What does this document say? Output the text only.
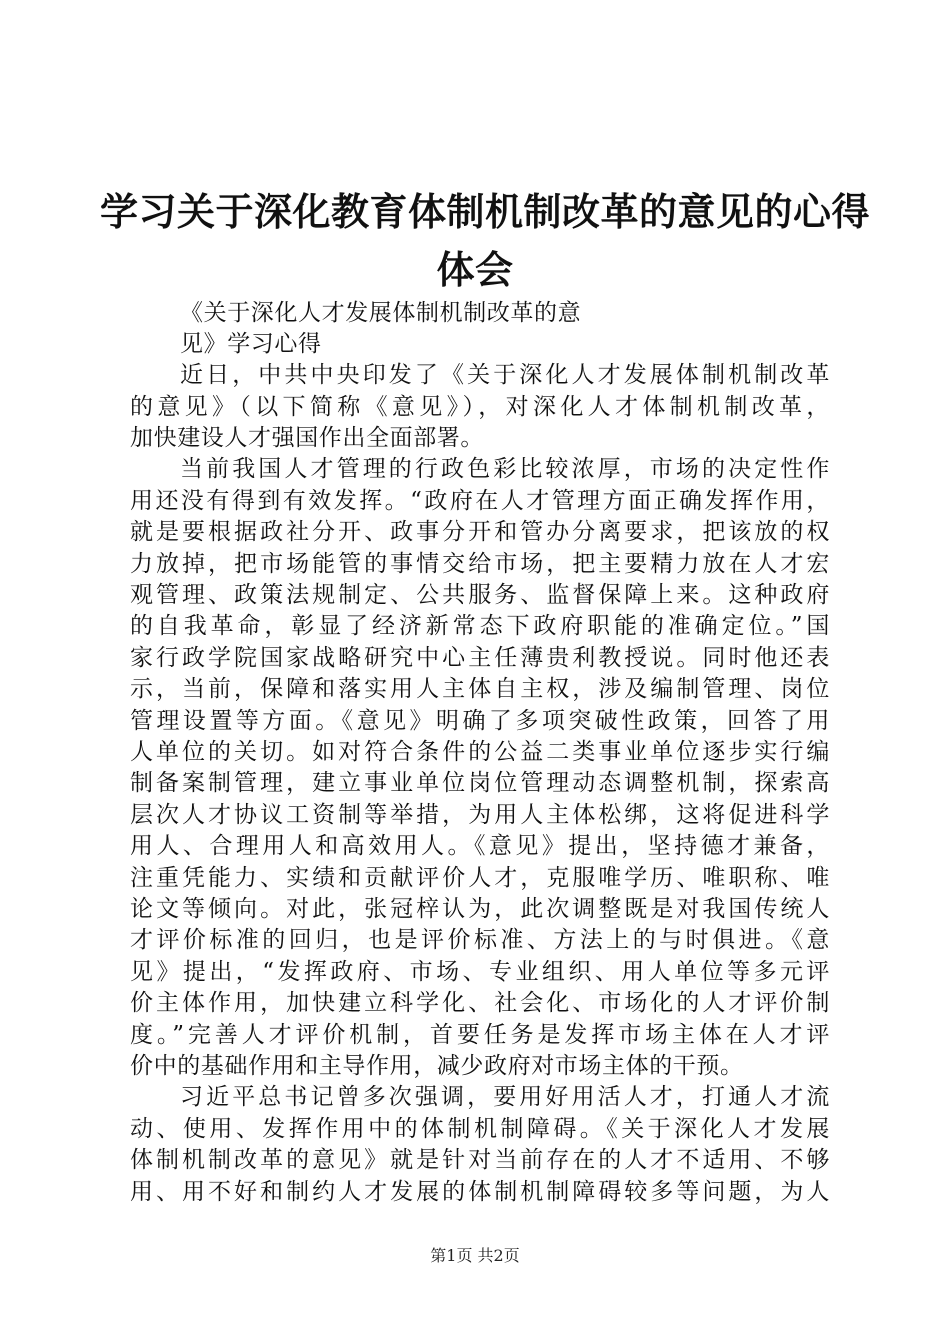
学习关于深化教育体制机制改革的意见的心得
体会
《关于深化人才发展体制机制改革的意
见》学习心得
近日，中共中央印发了《关于深化人才发展体制机制改革
的意见》（以下简称《意见》），对深化人才体制机制改革，
加快建设人才强国作出全面部署。
当前我国人才管理的行政色彩比较浓厚，市场的决定性作
用还没有得到有效发挥。“政府在人才管理方面正确发挥作用，
就是要根据政社分开、政事分开和管办分离要求，把该放的权
力放掉，把市场能管的事情交给市场，把主要精力放在人才宏
观管理、政策法规制定、公共服务、监督保障上来。这种政府
的自我革命，彰显了经济新常态下政府职能的准确定位。”国
家行政学院国家战略研究中心主任薄贵利教授说。同时他还表
示，当前，保障和落实用人主体自主权，涉及编制管理、岗位
管理设置等方面。《意见》明确了多项突破性政策，回答了用
人单位的关切。如对符合条件的公益二类事业单位逐步实行编
制备案制管理，建立事业单位岗位管理动态调整机制，探索高
层次人才协议工资制等举措，为用人主体松绑，这将促进科学
用人、合理用人和高效用人。《意见》提出，坚持德才兼备，
注重凭能力、实绩和贡献评价人才，克服唯学历、唯职称、唯
论文等倾向。对此，张冠梓认为，此次调整既是对我国传统人
才评价标准的回归，也是评价标准、方法上的与时俱进。《意
见》提出，“发挥政府、市场、专业组织、用人单位等多元评
价主体作用，加快建立科学化、社会化、市场化的人才评价制
度。”完善人才评价机制，首要任务是发挥市场主体在人才评
价中的基础作用和主导作用，减少政府对市场主体的干预。
习近平总书记曾多次强调，要用好用活人才，打通人才流
动、使用、发挥作用中的体制机制障碍。《关于深化人才发展
体制机制改革的意见》就是针对当前存在的人才不适用、不够
用、用不好和制约人才发展的体制机制障碍较多等问题，为人
第1页 共2页
